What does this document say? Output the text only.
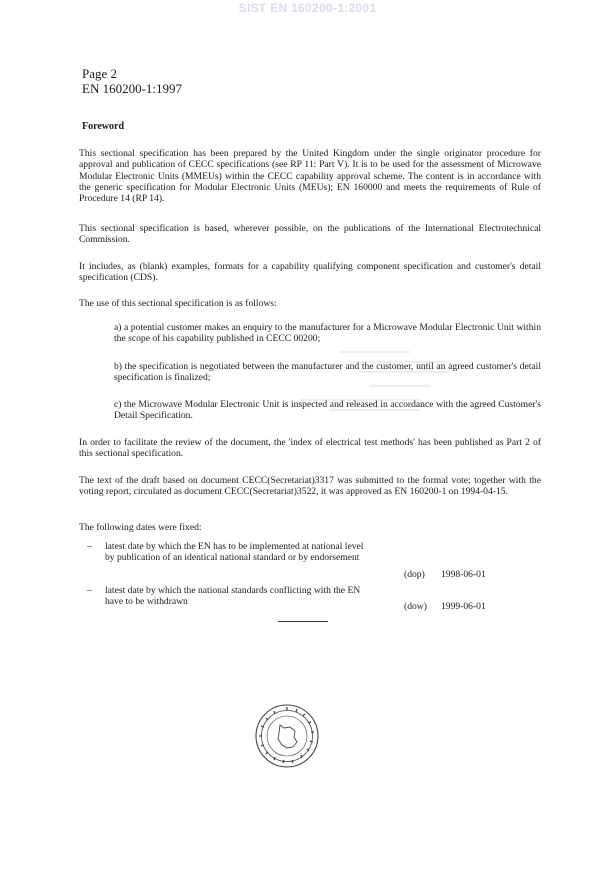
SIST EN 160200-1:2001
Page 2
EN 160200-1:1997
Foreword
This sectional specification has been prepared by the United Kingdom under the single originator procedure for approval and publication of CECC specifications (see RP 11: Part V). It is to be used for the assessment of Microwave Modular Electronic Units (MMEUs) within the CECC capability approval scheme. The content is in accordance with the generic specification for Modular Electronic Units (MEUs); EN 160000 and meets the requirements of Rule of Procedure 14 (RP 14).
This sectional specification is based, wherever possible, on the publications of the International Electrotechnical Commission.
It includes, as (blank) examples, formats for a capability qualifying component specification and customer's detail specification (CDS).
The use of this sectional specification is as follows:
a) a potential customer makes an enquiry to the manufacturer for a Microwave Modular Electronic Unit within the scope of his capability published in CECC 00200;
b) the specification is negotiated between the manufacturer and the customer, until an agreed customer's detail specification is finalized;
c) the Microwave Modular Electronic Unit is inspected and released in accordance with the agreed Customer's Detail Specification.
In order to facilitate the review of the document, the 'index of electrical test methods' has been published as Part 2 of this sectional specification.
The text of the draft based on document CECC(Secretariat)3317 was submitted to the formal vote; together with the voting report, circulated as document CECC(Secretariat)3522, it was approved as EN 160200-1 on 1994-04-15.
The following dates were fixed:
– latest date by which the EN has to be implemented at national level by publication of an identical national standard or by endorsement
(dop) 1998-06-01
– latest date by which the national standards conflicting with the EN have to be withdrawn	(dow) 1999-06-01
